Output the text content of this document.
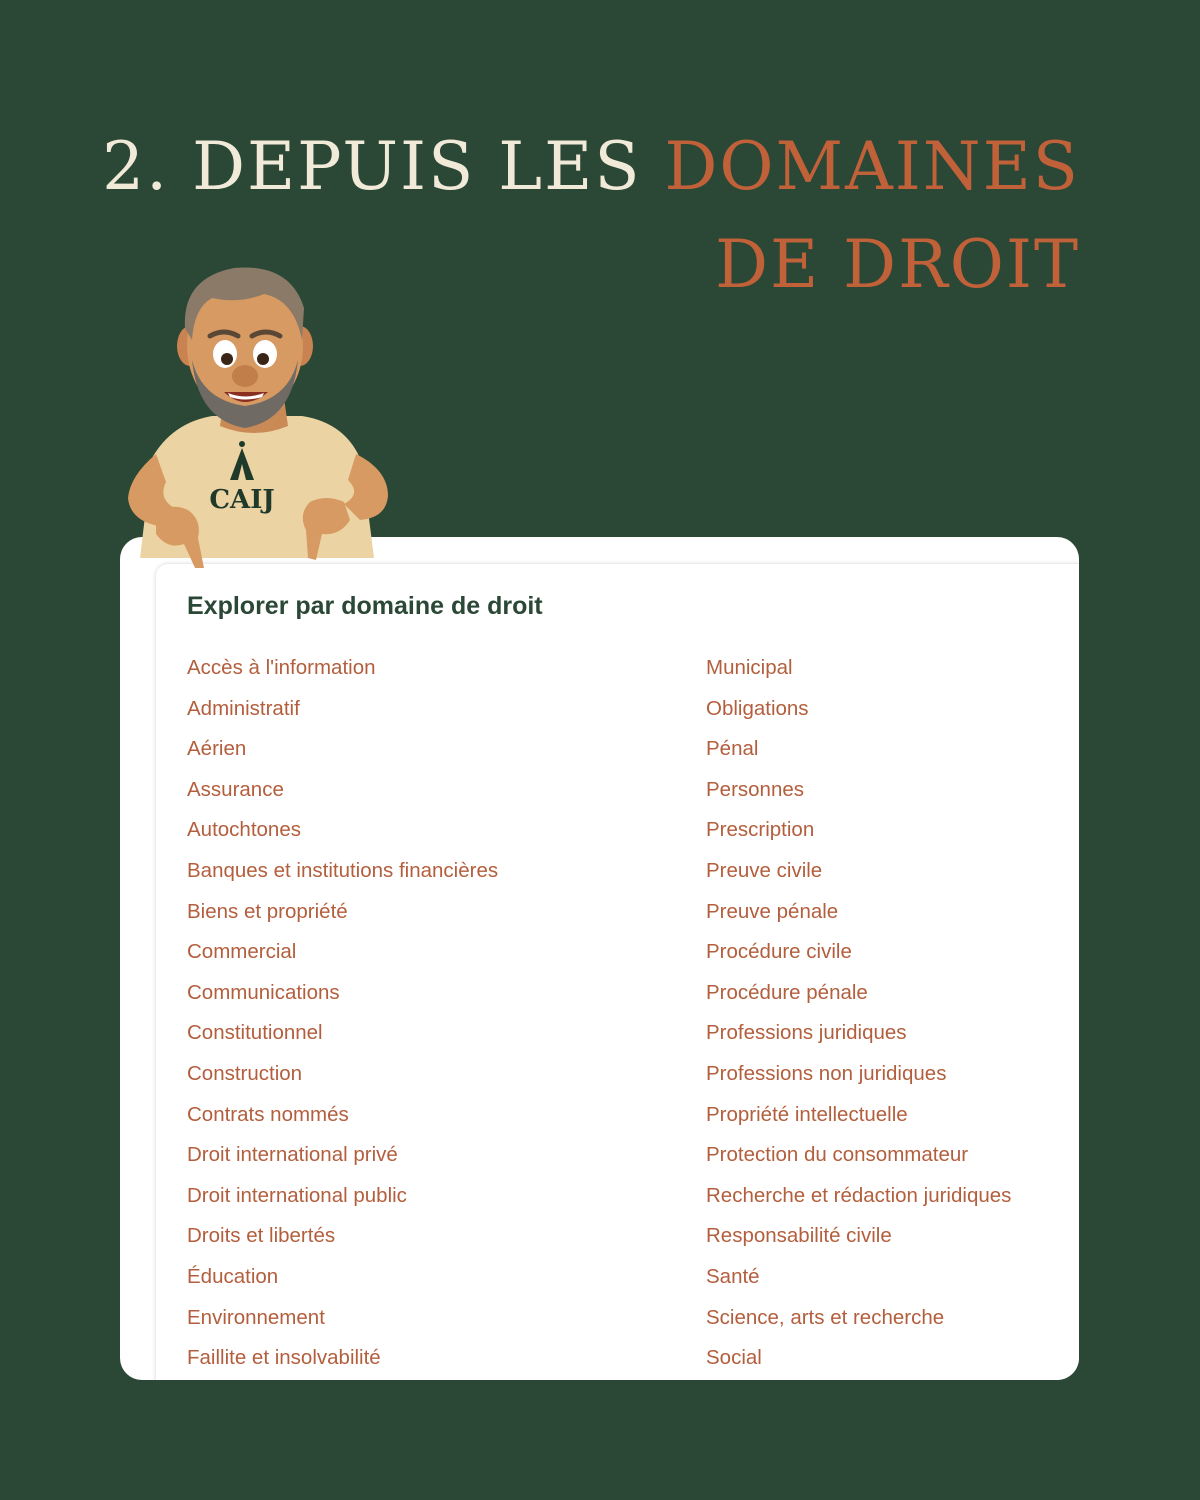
2. DEPUIS LES DOMAINES
DE DROIT
CAIJ
Explorer par domaine de droit
Accès à l'information
Administratif
Aérien
Assurance
Autochtones
Banques et institutions financières
Biens et propriété
Commercial
Communications
Constitutionnel
Construction
Contrats nommés
Droit international privé
Droit international public
Droits et libertés
Éducation
Environnement
Faillite et insolvabilité
Municipal
Obligations
Pénal
Personnes
Prescription
Preuve civile
Preuve pénale
Procédure civile
Procédure pénale
Professions juridiques
Professions non juridiques
Propriété intellectuelle
Protection du consommateur
Recherche et rédaction juridiques
Responsabilité civile
Santé
Science, arts et recherche
Social
